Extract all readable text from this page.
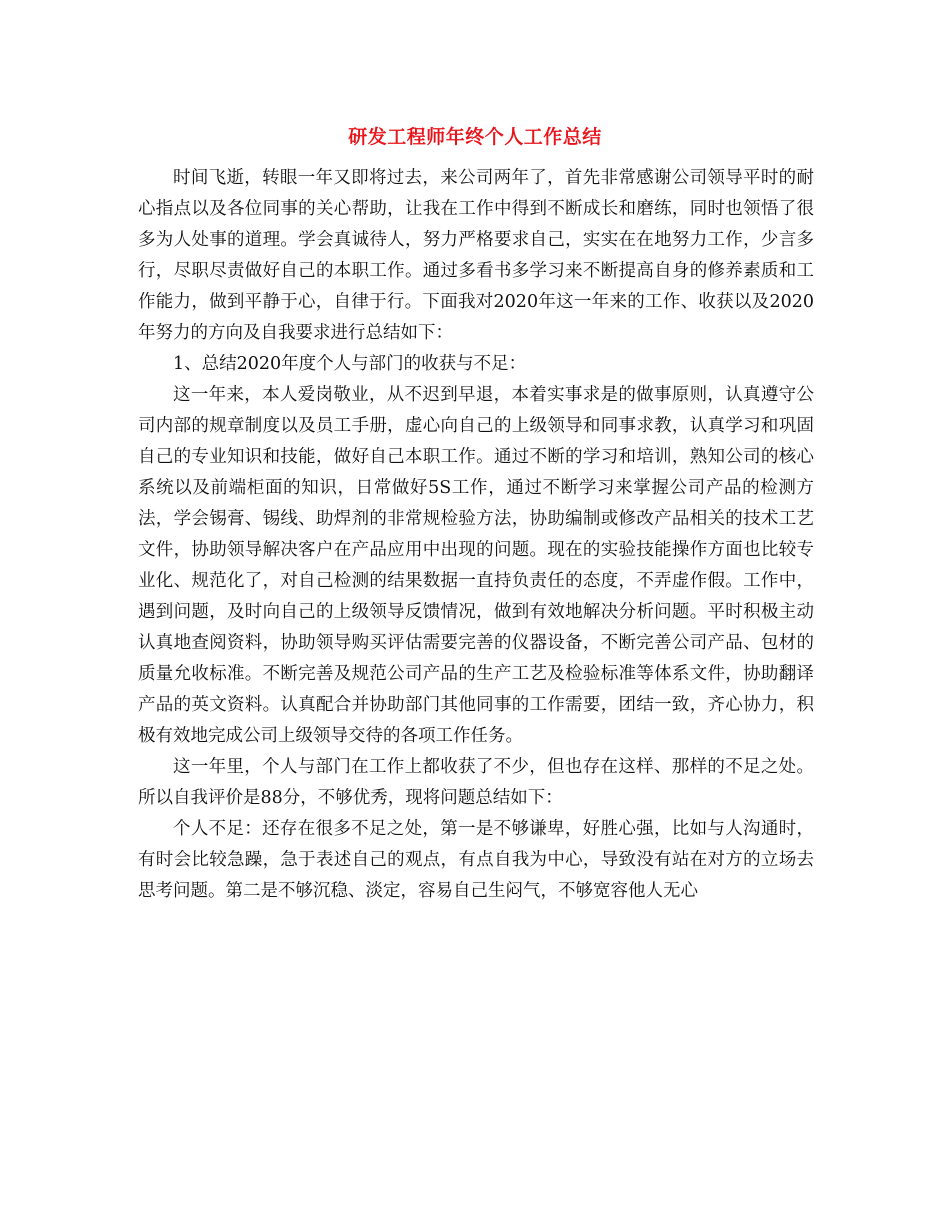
研发工程师年终个人工作总结

时间飞逝，转眼一年又即将过去，来公司两年了，首先非常感谢公司领导平时的耐心指点以及各位同事的关心帮助，让我在工作中得到不断成长和磨练，同时也领悟了很多为人处事的道理。学会真诚待人，努力严格要求自己，实实在在地努力工作，少言多行，尽职尽责做好自己的本职工作。通过多看书多学习来不断提高自身的修养素质和工作能力，做到平静于心，自律于行。下面我对2020年这一年来的工作、收获以及2020年努力的方向及自我要求进行总结如下：

1、总结2020年度个人与部门的收获与不足：

这一年来，本人爱岗敬业，从不迟到早退，本着实事求是的做事原则，认真遵守公司内部的规章制度以及员工手册，虚心向自己的上级领导和同事求教，认真学习和巩固自己的专业知识和技能，做好自己本职工作。通过不断的学习和培训，熟知公司的核心系统以及前端柜面的知识，日常做好5S工作，通过不断学习来掌握公司产品的检测方法，学会锡膏、锡线、助焊剂的非常规检验方法，协助编制或修改产品相关的技术工艺文件，协助领导解决客户在产品应用中出现的问题。现在的实验技能操作方面也比较专业化、规范化了，对自己检测的结果数据一直持负责任的态度，不弄虚作假。工作中，遇到问题，及时向自己的上级领导反馈情况，做到有效地解决分析问题。平时积极主动认真地查阅资料，协助领导购买评估需要完善的仪器设备，不断完善公司产品、包材的质量允收标准。不断完善及规范公司产品的生产工艺及检验标准等体系文件，协助翻译产品的英文资料。认真配合并协助部门其他同事的工作需要，团结一致，齐心协力，积极有效地完成公司上级领导交待的各项工作任务。

这一年里，个人与部门在工作上都收获了不少，但也存在这样、那样的不足之处。所以自我评价是88分，不够优秀，现将问题总结如下：

个人不足：还存在很多不足之处，第一是不够谦卑，好胜心强，比如与人沟通时，有时会比较急躁，急于表述自己的观点，有点自我为中心，导致没有站在对方的立场去思考问题。第二是不够沉稳、淡定，容易自己生闷气，不够宽容他人无心
